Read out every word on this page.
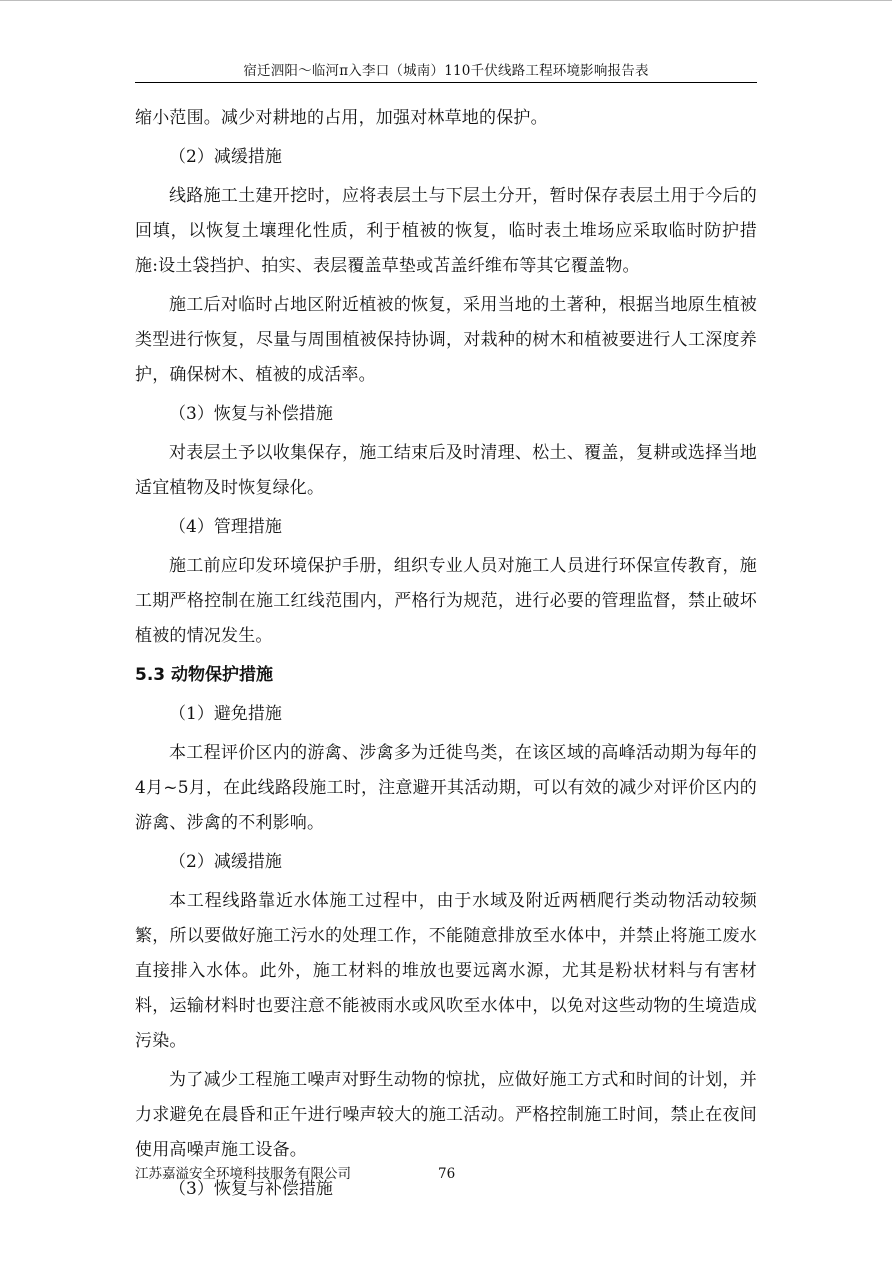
宿迁泗阳～临河π入李口（城南）110千伏线路工程环境影响报告表

缩小范围。减少对耕地的占用，加强对林草地的保护。

（2）减缓措施

线路施工土建开挖时，应将表层土与下层土分开，暂时保存表层土用于今后的回填，以恢复土壤理化性质，利于植被的恢复，临时表土堆场应采取临时防护措施:设土袋挡护、拍实、表层覆盖草垫或苫盖纤维布等其它覆盖物。

施工后对临时占地区附近植被的恢复，采用当地的土著种，根据当地原生植被类型进行恢复，尽量与周围植被保持协调，对栽种的树木和植被要进行人工深度养护，确保树木、植被的成活率。

（3）恢复与补偿措施

对表层土予以收集保存，施工结束后及时清理、松土、覆盖，复耕或选择当地适宜植物及时恢复绿化。

（4）管理措施

施工前应印发环境保护手册，组织专业人员对施工人员进行环保宣传教育，施工期严格控制在施工红线范围内，严格行为规范，进行必要的管理监督，禁止破坏植被的情况发生。

5.3 动物保护措施

（1）避免措施

本工程评价区内的游禽、涉禽多为迁徙鸟类，在该区域的高峰活动期为每年的4月~5月，在此线路段施工时，注意避开其活动期，可以有效的减少对评价区内的游禽、涉禽的不利影响。

（2）减缓措施

本工程线路靠近水体施工过程中，由于水域及附近两栖爬行类动物活动较频繁，所以要做好施工污水的处理工作，不能随意排放至水体中，并禁止将施工废水直接排入水体。此外，施工材料的堆放也要远离水源，尤其是粉状材料与有害材料，运输材料时也要注意不能被雨水或风吹至水体中，以免对这些动物的生境造成污染。

为了减少工程施工噪声对野生动物的惊扰，应做好施工方式和时间的计划，并力求避免在晨昏和正午进行噪声较大的施工活动。严格控制施工时间，禁止在夜间使用高噪声施工设备。

（3）恢复与补偿措施

江苏嘉溢安全环境科技服务有限公司	76
